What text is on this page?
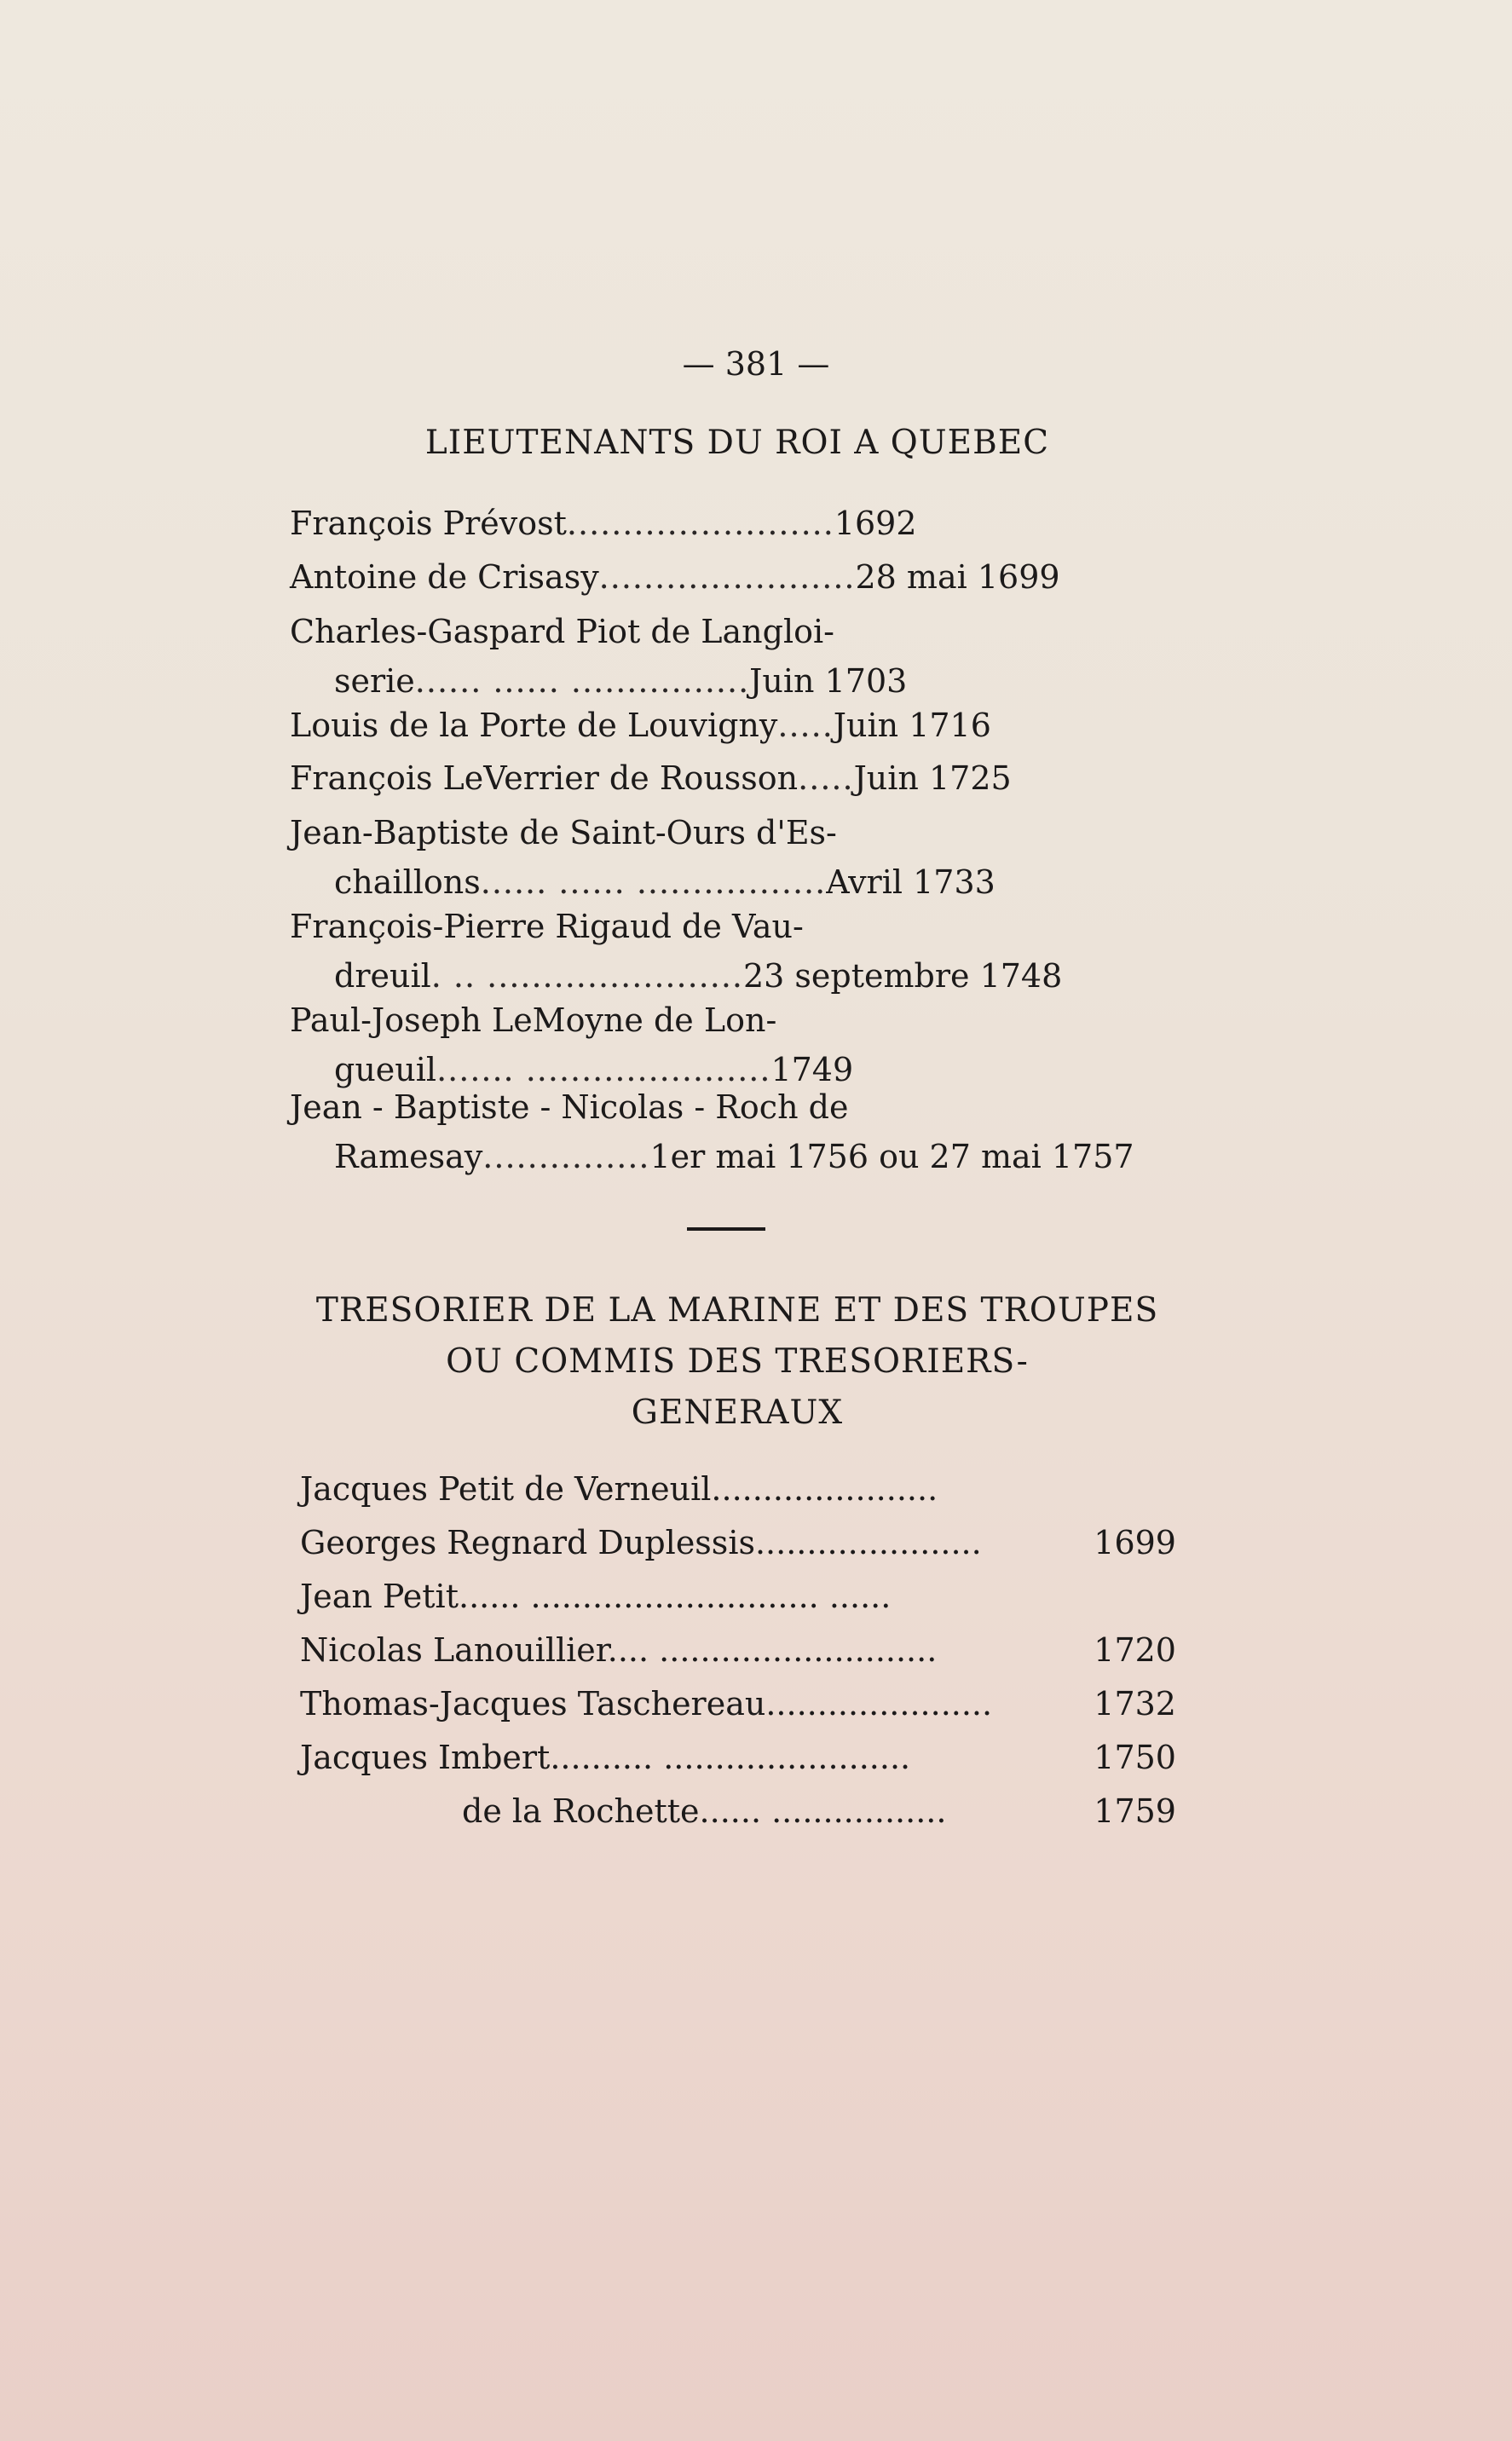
— 381 —
LIEUTENANTS DU ROI A QUEBEC
François Prévost........................1692
Antoine de Crisasy.......................28 mai 1699
Charles-Gaspard Piot de Langloi-
serie...... ...... ................Juin 1703
Louis de la Porte de Louvigny.....Juin 1716
François LeVerrier de Rousson.....Juin 1725
Jean-Baptiste de Saint-Ours d'Es-
chaillons...... ...... .................Avril 1733
François-Pierre Rigaud de Vau-
dreuil. .. .......................23 septembre 1748
Paul-Joseph LeMoyne de Lon-
gueuil....... ......................1749
Jean - Baptiste - Nicolas - Roch de
Ramesay...............1er mai 1756 ou 27 mai 1757
TRESORIER DE LA MARINE ET DES TROUPES
OU COMMIS DES TRESORIERS-
GENERAUX
Jacques Petit de Verneuil......................
Georges Regnard Duplessis......................	1699
Jean Petit...... ............................ ......
Nicolas Lanouillier.... ...........................	1720
Thomas-Jacques Taschereau......................	1732
Jacques Imbert.......... ........................	1750
de la Rochette...... .................	1759
